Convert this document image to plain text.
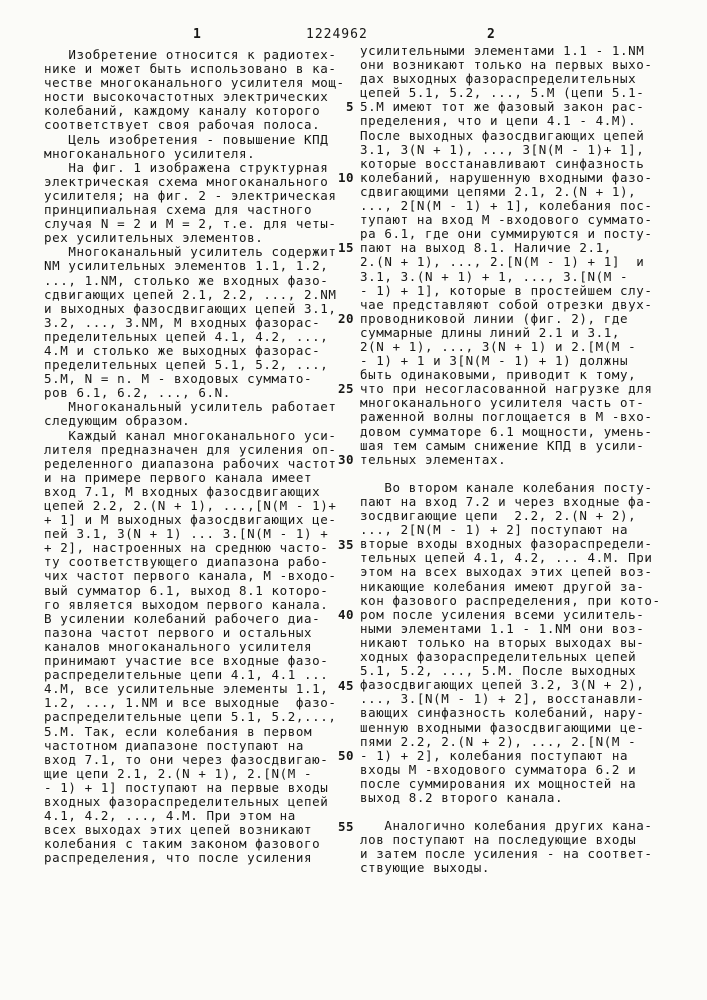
1	1224962	2
Изобретение относится к радиотех-
нике и может быть использовано в ка-
честве многоканального усилителя мощ-
ности высокочастотных электрических
колебаний, каждому каналу которого
соответствует своя рабочая полоса.
Цель изобретения - повышение КПД
многоканального усилителя.
На фиг. 1 изображена структурная
электрическая схема многоканального
усилителя; на фиг. 2 - электрическая
принципиальная схема для частного
случая N = 2 и М = 2, т.е. для четы-
рех усилительных элементов.
Многоканальный усилитель содержит
NМ усилительных элементов 1.1, 1.2,
..., 1.NМ, столько же входных фазо-
сдвигающих цепей 2.1, 2.2, ..., 2.NМ
и выходных фазосдвигающих цепей 3.1,
3.2, ..., 3.NМ, М входных фазорас-
пределительных цепей 4.1, 4.2, ...,
4.М и столько же выходных фазорас-
пределительных цепей 5.1, 5.2, ...,
5.М, N = n. М - входовых суммато-
ров 6.1, 6.2, ..., 6.N.
Многоканальный усилитель работает
следующим образом.
Каждый канал многоканального уси-
лителя предназначен для усиления оп-
ределенного диапазона рабочих частот
и на примере первого канала имеет
вход 7.1, М входных фазосдвигающих
цепей 2.2, 2.(N + 1), ...,[N(М - 1)+
+ 1] и М выходных фазосдвигающих це-
пей 3.1, 3(N + 1) ... 3.[N(М - 1) +
+ 2], настроенных на среднюю часто-
ту соответствующего диапазона рабо-
чих частот первого канала, М -входо-
вый сумматор 6.1, выход 8.1 которо-
го является выходом первого канала.
В усилении колебаний рабочего диа-
пазона частот первого и остальных
каналов многоканального усилителя
принимают участие все входные фазо-
распределительные цепи 4.1, 4.1 ...
4.М, все усилительные элементы 1.1,
1.2, ..., 1.NМ и все выходные  фазо-
распределительные цепи 5.1, 5.2,...,
5.М. Так, если колебания в первом
частотном диапазоне поступают на
вход 7.1, то они через фазосдвигаю-
щие цепи 2.1, 2.(N + 1), 2.[N(М -
- 1) + 1] поступают на первые входы
входных фазораспределительных цепей
4.1, 4.2, ..., 4.М. При этом на
всех выходах этих цепей возникают
колебания с таким законом фазового
распределения, что после усиления
усилительными элементами 1.1 - 1.NМ
они возникают только на первых выхо-
дах выходных фазораспределительных
цепей 5.1, 5.2, ..., 5.М (цепи 5.1-
5.М имеют тот же фазовый закон рас-
пределения, что и цепи 4.1 - 4.М).
После выходных фазосдвигающих цепей
3.1, 3(N + 1), ..., 3[N(М - 1)+ 1],
которые восстанавливают синфазность
колебаний, нарушенную входными фазо-
сдвигающими цепями 2.1, 2.(N + 1),
..., 2[N(М - 1) + 1], колебания пос-
тупают на вход М -входового суммато-
ра 6.1, где они суммируются и посту-
пают на выход 8.1. Наличие 2.1,
2.(N + 1), ..., 2.[N(М - 1) + 1]  и
3.1, 3.(N + 1) + 1, ..., 3.[N(М -
- 1) + 1], которые в простейшем слу-
чае представляют собой отрезки двух-
проводниковой линии (фиг. 2), где
суммарные длины линий 2.1 и 3.1,
2(N + 1), ..., 3(N + 1) и 2.[М(М -
- 1) + 1 и 3[N(М - 1) + 1) должны
быть одинаковыми, приводит к тому,
что при несогласованной нагрузке для
многоканального усилителя часть от-
раженной волны поглощается в М -вхо-
довом сумматоре 6.1 мощности, умень-
шая тем самым снижение КПД в усили-
тельных элементах.
Во втором канале колебания посту-
пают на вход 7.2 и через входные фа-
зосдвигающие цепи  2.2, 2.(N + 2),
..., 2[N(М - 1) + 2] поступают на
вторые входы входных фазораспредели-
тельных цепей 4.1, 4.2, ... 4.М. При
этом на всех выходах этих цепей воз-
никающие колебания имеют другой за-
кон фазового распределения, при кото-
ром после усиления всеми усилитель-
ными элементами 1.1 - 1.NМ они воз-
никают только на вторых выходах вы-
ходных фазораспределительных цепей
5.1, 5.2, ..., 5.М. После выходных
фазосдвигающих цепей 3.2, 3(N + 2),
..., 3.[N(М - 1) + 2], восстанавли-
вающих синфазность колебаний, нару-
шенную входными фазосдвигающими це-
пями 2.2, 2.(N + 2), ..., 2.[N(М -
- 1) + 2], колебания поступают на
входы М -входового сумматора 6.2 и
после суммирования их мощностей на
выход 8.2 второго канала.
Аналогично колебания других кана-
лов поступают на последующие входы
и затем после усиления - на соответ-
ствующие выходы.
5
10
15
20
25
30
35
40
45
50
55
